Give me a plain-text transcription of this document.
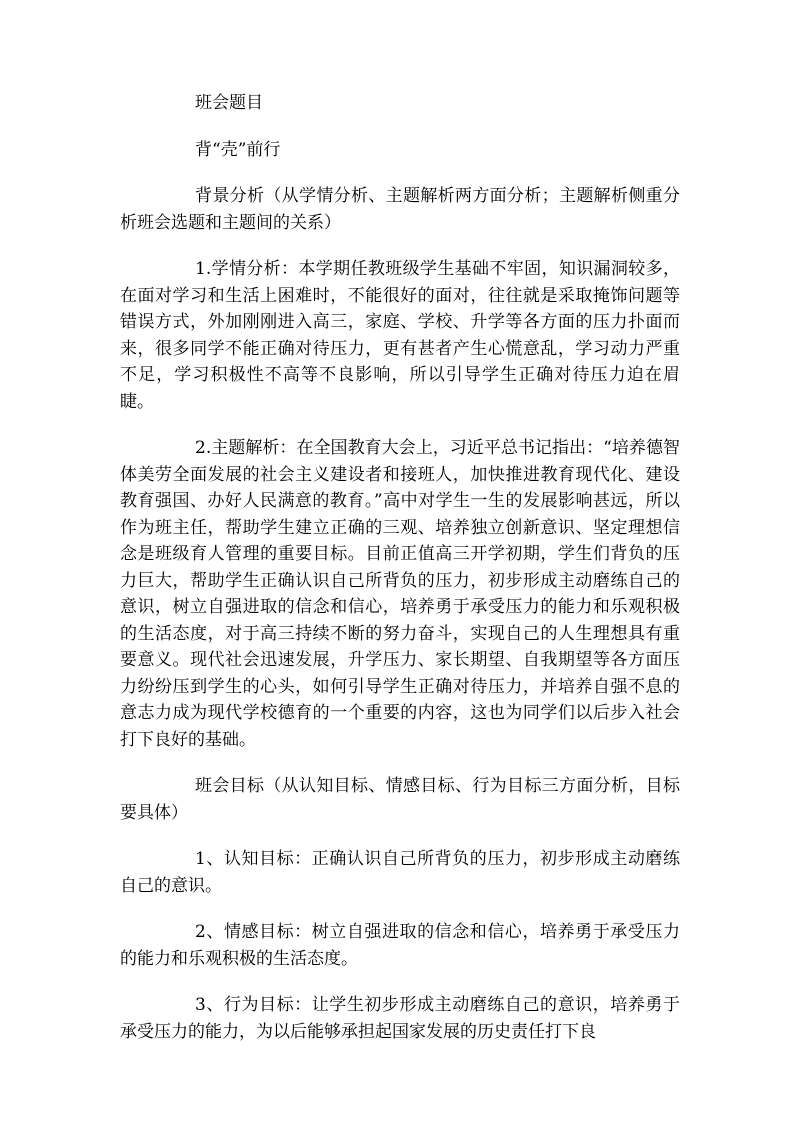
班会题目

背“壳”前行

背景分析（从学情分析、主题解析两方面分析；主题解析侧重分析班会选题和主题间的关系）

1.学情分析：本学期任教班级学生基础不牢固，知识漏洞较多，在面对学习和生活上困难时，不能很好的面对，往往就是采取掩饰问题等错误方式，外加刚刚进入高三，家庭、学校、升学等各方面的压力扑面而来，很多同学不能正确对待压力，更有甚者产生心慌意乱，学习动力严重不足，学习积极性不高等不良影响，所以引导学生正确对待压力迫在眉睫。

2.主题解析：在全国教育大会上，习近平总书记指出：“培养德智体美劳全面发展的社会主义建设者和接班人，加快推进教育现代化、建设教育强国、办好人民满意的教育。”高中对学生一生的发展影响甚远，所以作为班主任，帮助学生建立正确的三观、培养独立创新意识、坚定理想信念是班级育人管理的重要目标。目前正值高三开学初期，学生们背负的压力巨大，帮助学生正确认识自己所背负的压力，初步形成主动磨练自己的意识，树立自强进取的信念和信心，培养勇于承受压力的能力和乐观积极的生活态度，对于高三持续不断的努力奋斗，实现自己的人生理想具有重要意义。现代社会迅速发展，升学压力、家长期望、自我期望等各方面压力纷纷压到学生的心头，如何引导学生正确对待压力，并培养自强不息的意志力成为现代学校德育的一个重要的内容，这也为同学们以后步入社会打下良好的基础。

班会目标（从认知目标、情感目标、行为目标三方面分析，目标要具体）

1、认知目标：正确认识自己所背负的压力，初步形成主动磨练自己的意识。

2、情感目标：树立自强进取的信念和信心，培养勇于承受压力的能力和乐观积极的生活态度。

3、行为目标：让学生初步形成主动磨练自己的意识，培养勇于承受压力的能力，为以后能够承担起国家发展的历史责任打下良
